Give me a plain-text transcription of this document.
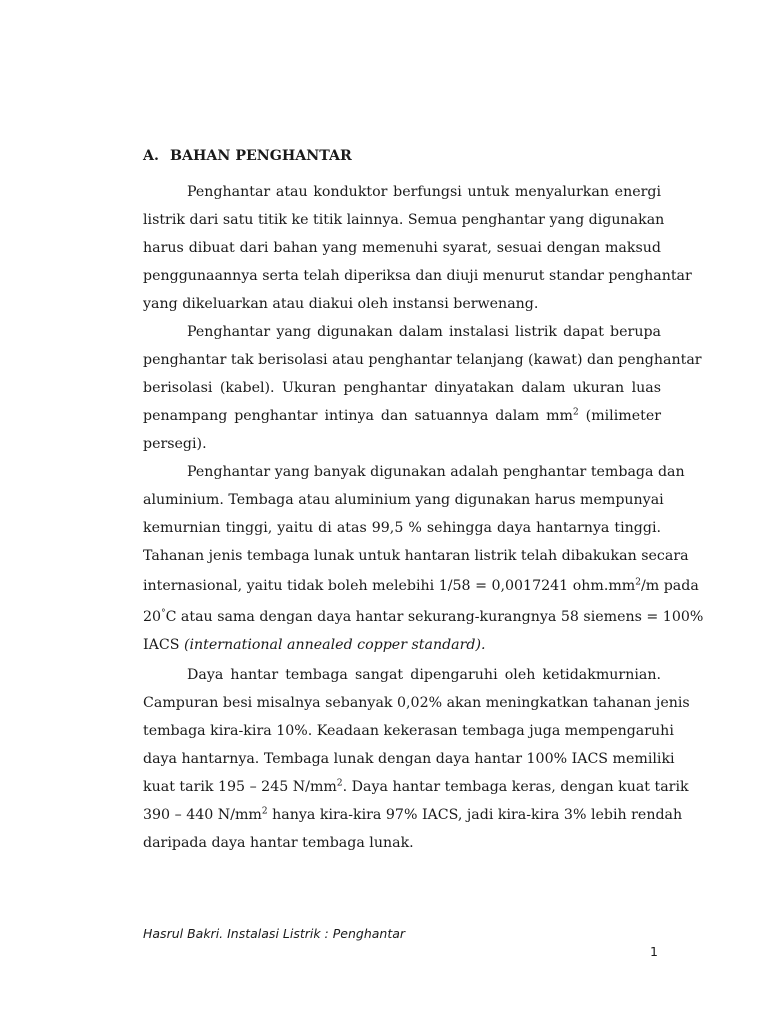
A. BAHAN PENGHANTAR
Penghantar atau konduktor berfungsi untuk menyalurkan energi
listrik dari satu titik ke titik lainnya. Semua penghantar yang digunakan
harus dibuat dari bahan yang memenuhi syarat, sesuai dengan maksud
penggunaannya serta telah diperiksa dan diuji menurut standar penghantar
yang dikeluarkan atau diakui oleh instansi berwenang.
Penghantar yang digunakan dalam instalasi listrik dapat berupa
penghantar tak berisolasi atau penghantar telanjang (kawat) dan penghantar
berisolasi (kabel). Ukuran penghantar dinyatakan dalam ukuran luas
penampang penghantar intinya dan satuannya dalam $mm^2$ (milimeter
persegi).
Penghantar yang banyak digunakan adalah penghantar tembaga dan
aluminium. Tembaga atau aluminium yang digunakan harus mempunyai
kemurnian tinggi, yaitu di atas 99,5 % sehingga daya hantarnya tinggi.
Tahanan jenis tembaga lunak untuk hantaran listrik telah dibakukan secara
internasional, yaitu tidak boleh melebihi 1/58 = 0,0017241 $ohm.mm^2/m$ pada
20°C atau sama dengan daya hantar sekurang-kurangnya 58 siemens = 100%
IACS (international annealed copper standard).
Daya hantar tembaga sangat dipengaruhi oleh ketidakmurnian.
Campuran besi misalnya sebanyak 0,02% akan meningkatkan tahanan jenis
tembaga kira-kira 10%. Keadaan kekerasan tembaga juga mempengaruhi
daya hantarnya. Tembaga lunak dengan daya hantar 100% IACS memiliki
kuat tarik 195 – 245 $N/mm^2$. Daya hantar tembaga keras, dengan kuat tarik
390 – 440 $N/mm^2$ hanya kira-kira 97% IACS, jadi kira-kira 3% lebih rendah
daripada daya hantar tembaga lunak.
Hasrul Bakri. Instalasi Listrik : Penghantar
1
